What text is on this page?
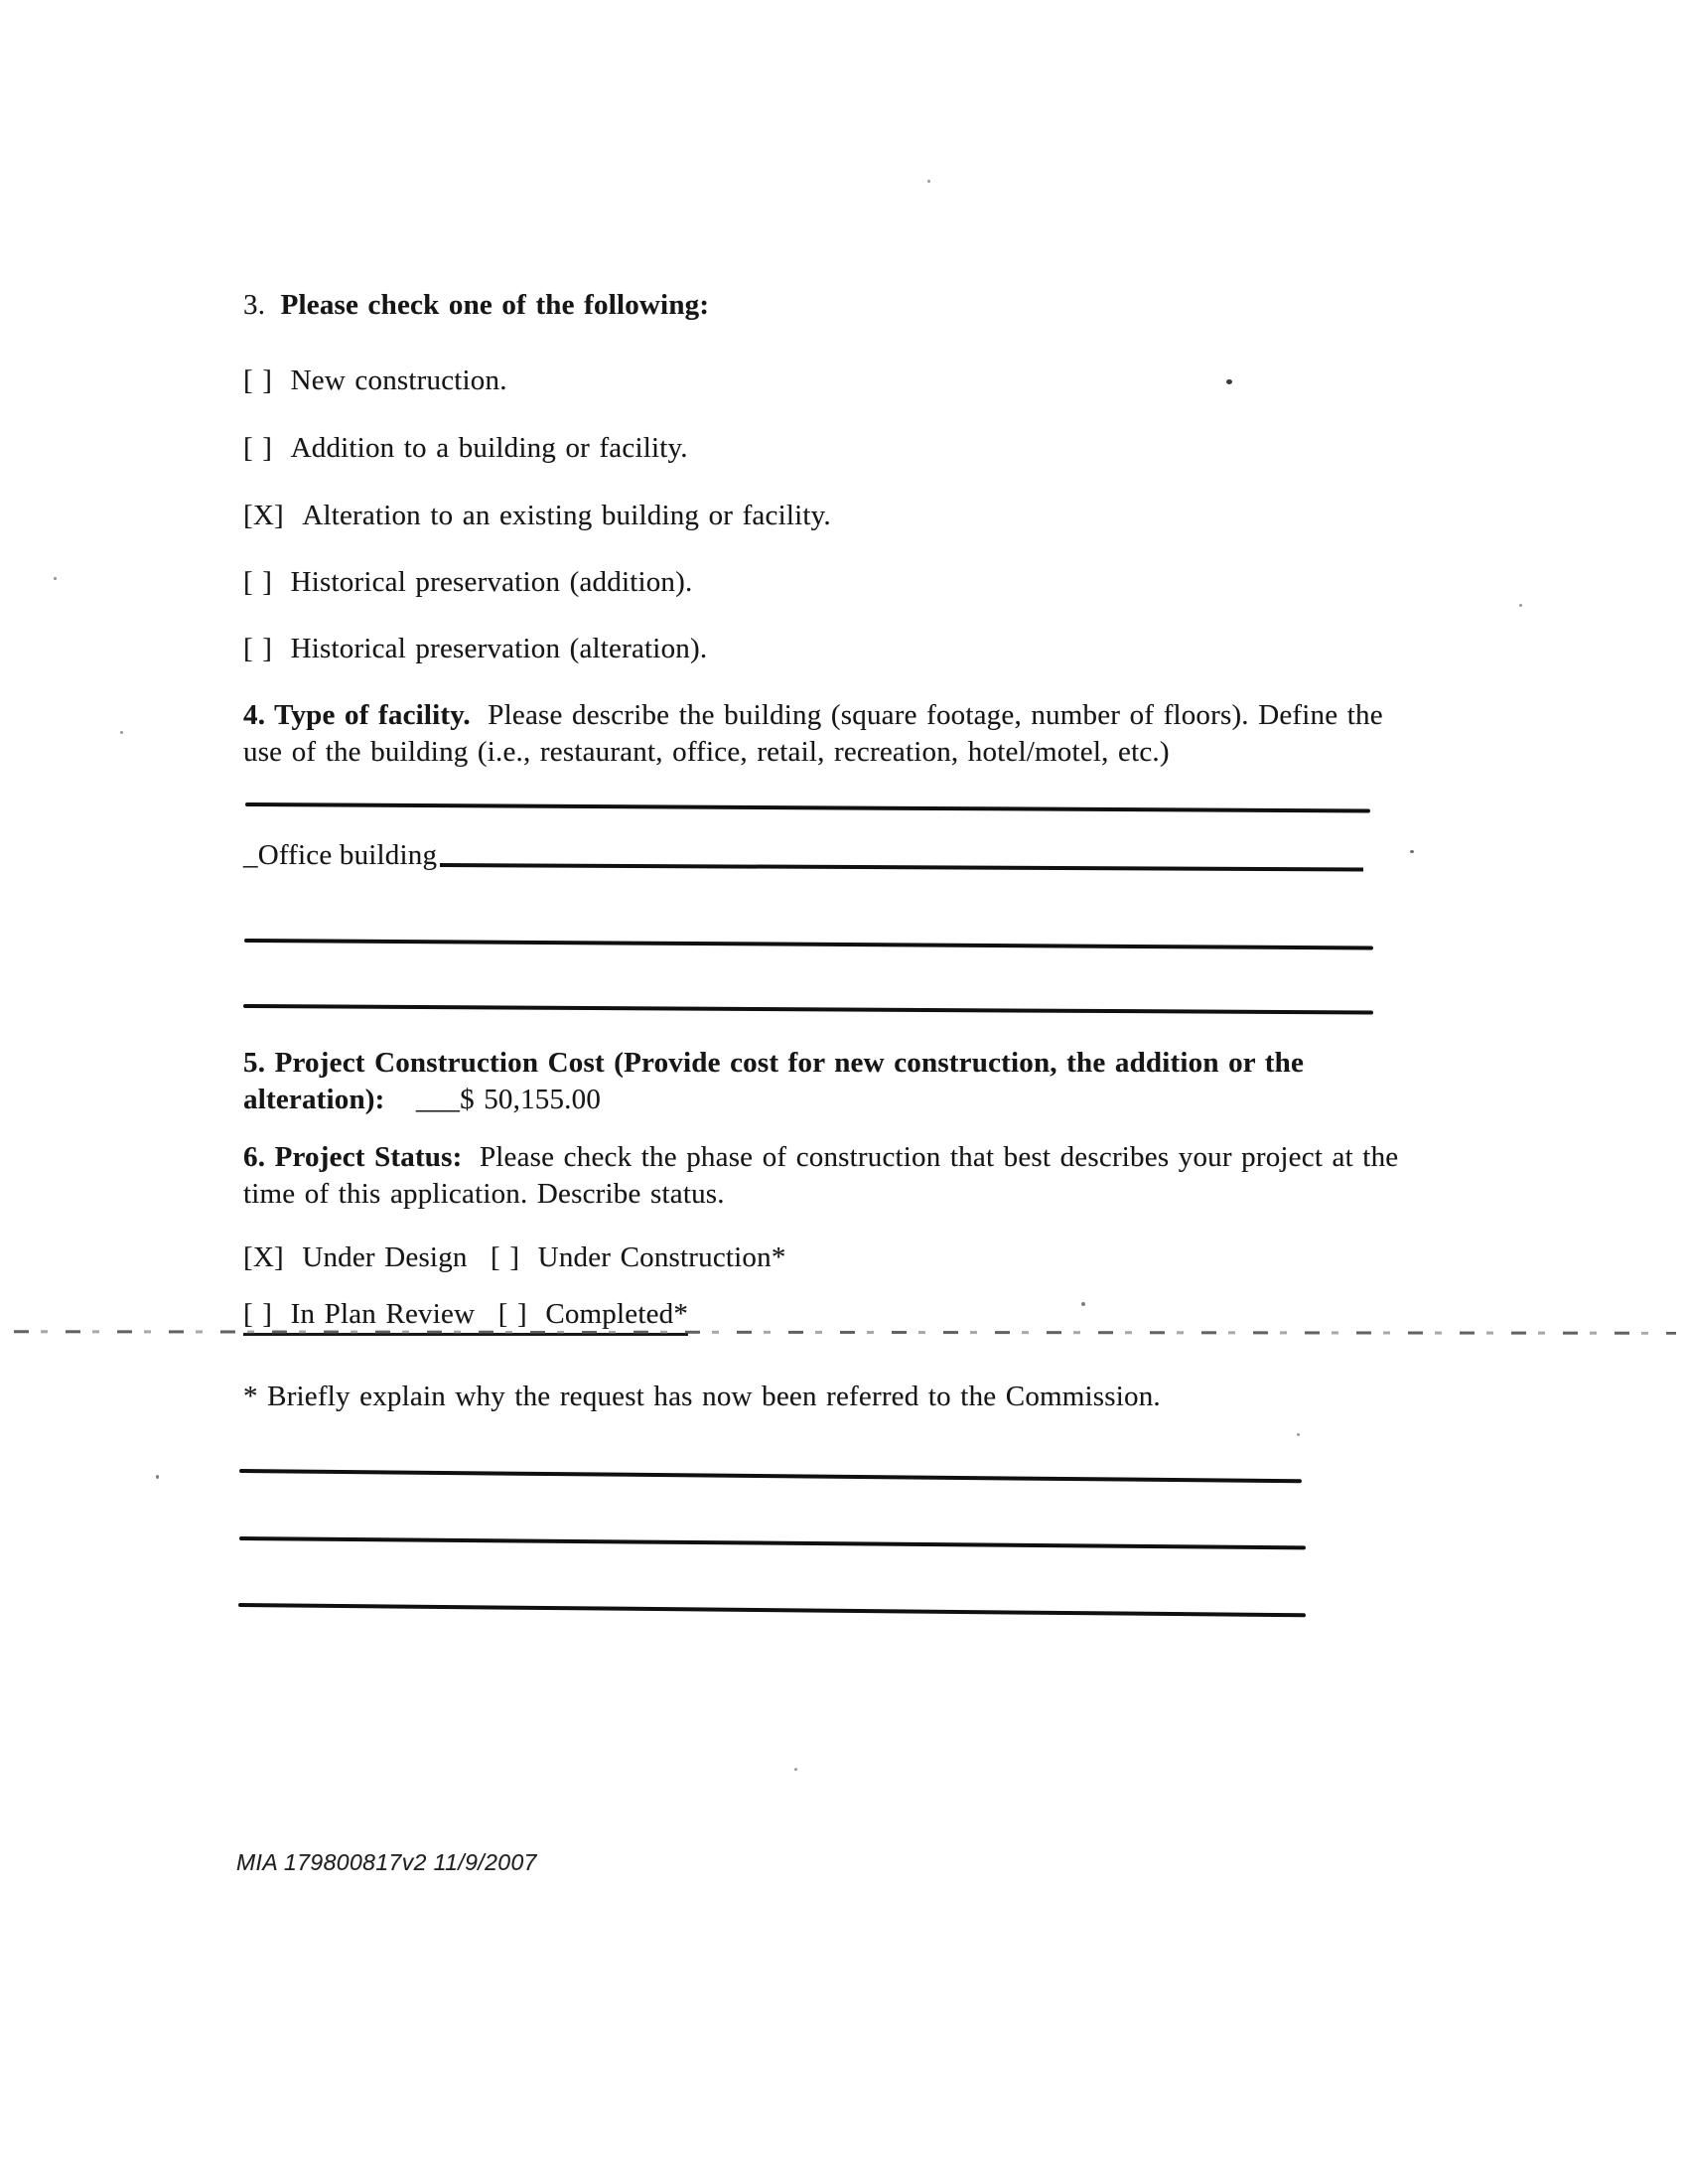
3. Please check one of the following:
[ ] New construction.
[ ] Addition to a building or facility.
[X] Alteration to an existing building or facility.
[ ] Historical preservation (addition).
[ ] Historical preservation (alteration).
4. Type of facility. Please describe the building (square footage, number of floors). Define the
use of the building (i.e., restaurant, office, retail, recreation, hotel/motel, etc.)
_Office building
5. Project Construction Cost (Provide cost for new construction, the addition or the
alteration): ___$ 50,155.00
6. Project Status: Please check the phase of construction that best describes your project at the
time of this application. Describe status.
[X] Under Design [ ] Under Construction*
[ ] In Plan Review [ ] Completed*
* Briefly explain why the request has now been referred to the Commission.
MIA 179800817v2 11/9/2007
